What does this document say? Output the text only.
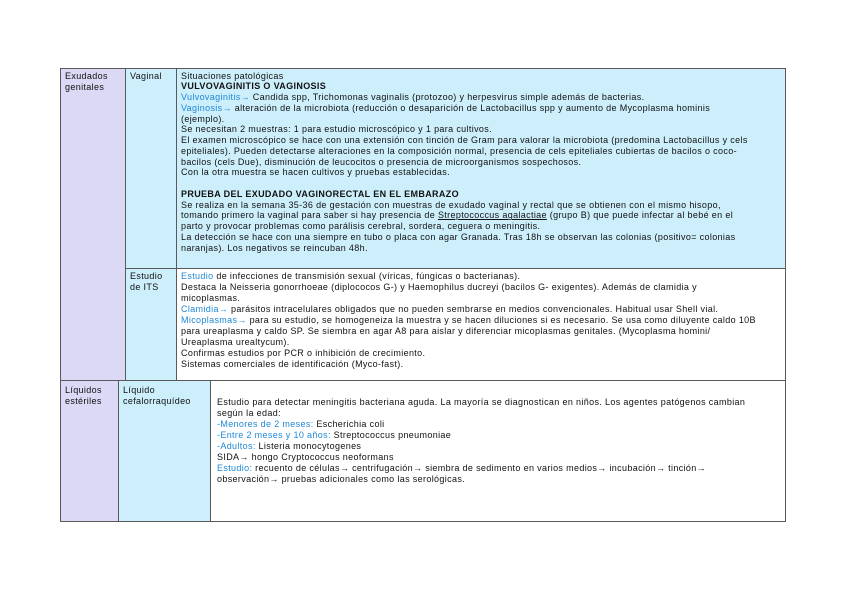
Exudados genitales
Vaginal	Situaciones patológicas
VULVOVAGINITIS O VAGINOSIS
Vulvovaginitis→ Candida spp, Trichomonas vaginalis (protozoo) y herpesvirus simple además de bacterias.
Vaginosis→ alteración de la microbiota (reducción o desaparición de Lactobacillus spp y aumento de Mycoplasma hominis
(ejemplo).
Se necesitan 2 muestras: 1 para estudio microscópico y 1 para cultivos.
El examen microscópico se hace con una extensión con tinción de Gram para valorar la microbiota (predomina Lactobacillus y cels
epiteliales). Pueden detectarse alteraciones en la composición normal, presencia de cels epiteliales cubiertas de bacilos o coco-
bacilos (cels Due), disminución de leucocitos o presencia de microorganismos sospechosos.
Con la otra muestra se hacen cultivos y pruebas establecidas.

PRUEBA DEL EXUDADO VAGINORECTAL EN EL EMBARAZO
Se realiza en la semana 35-36 de gestación con muestras de exudado vaginal y rectal que se obtienen con el mismo hisopo,
tomando primero la vaginal para saber si hay presencia de Streptococcus agalactiae (grupo B) que puede infectar al bebé en el
parto y provocar problemas como parálisis cerebral, sordera, ceguera o meningitis.
La detección se hace con una siempre en tubo o placa con agar Granada. Tras 18h se observan las colonias (positivo= colonias
naranjas). Los negativos se reincuban 48h.
Estudio de ITS
Estudio de infecciones de transmisión sexual (víricas, fúngicas o bacterianas).
Destaca la Neisseria gonorrhoeae (diplococos G-) y Haemophilus ducreyi (bacilos G- exigentes). Además de clamidia y
micoplasmas.
Clamidia→ parásitos intracelulares obligados que no pueden sembrarse en medios convencionales. Habitual usar Shell vial.
Micoplasmas→ para su estudio, se homogeneiza la muestra y se hacen diluciones si es necesario. Se usa como diluyente caldo 10B
para ureaplasma y caldo SP. Se siembra en agar A8 para aislar y diferenciar micoplasmas genitales. (Mycoplasma homini/
Ureaplasma urealtycum).
Confirmas estudios por PCR o inhibición de crecimiento.
Sistemas comerciales de identificación (Myco-fast).
Líquidos estériles
Líquido cefalorraquídeo	Estudio para detectar meningitis bacteriana aguda. La mayoría se diagnostican en niños. Los agentes patógenos cambian
según la edad:
-Menores de 2 meses: Escherichia coli
-Entre 2 meses y 10 años: Streptococcus pneumoniae
-Adultos: Listeria monocytogenes
SIDA→ hongo Cryptococcus neoformans
Estudio: recuento de células→ centrifugación→ siembra de sedimento en varios medios→ incubación→ tinción→
observación→ pruebas adicionales como las serológicas.
